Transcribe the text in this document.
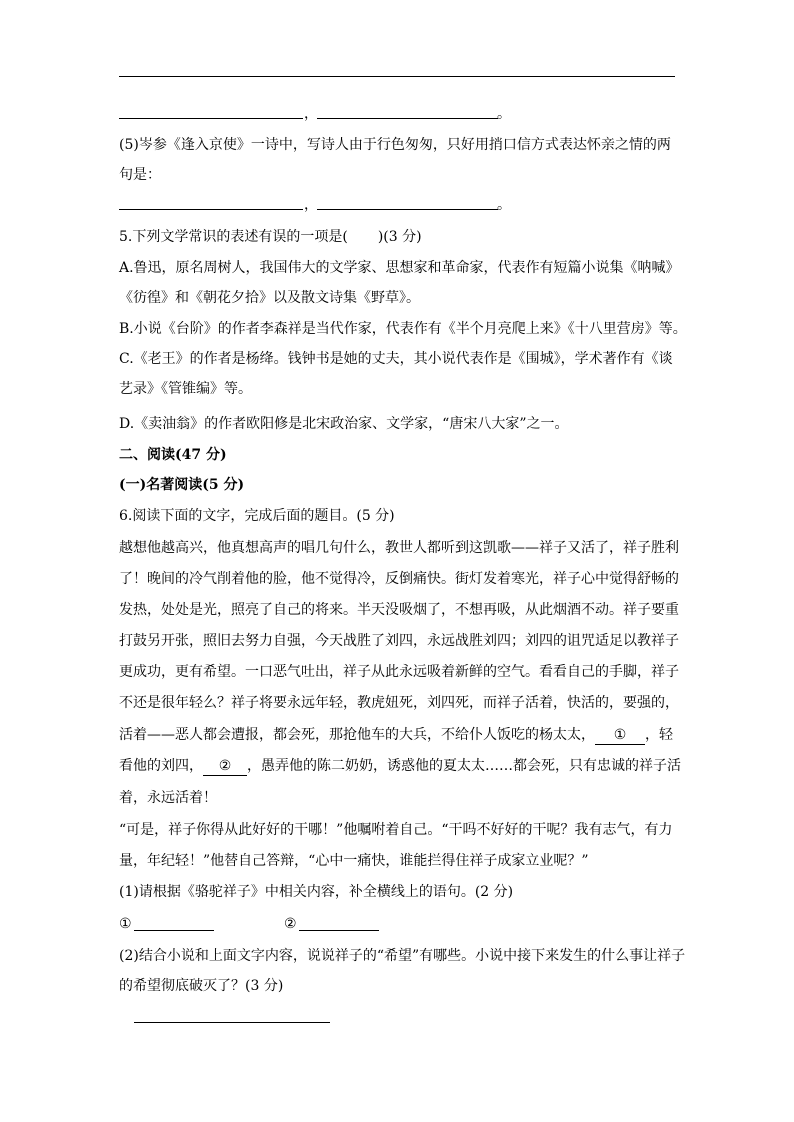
，	。
(5)岑参《逢入京使》一诗中，写诗人由于行色匆匆，只好用捎口信方式表达怀亲之情的两
句是：
，	。
5.下列文学常识的表述有误的一项是( )(3 分)
A.鲁迅，原名周树人，我国伟大的文学家、思想家和革命家，代表作有短篇小说集《呐喊》
《彷徨》和《朝花夕拾》以及散文诗集《野草》。
B.小说《台阶》的作者李森祥是当代作家，代表作有《半个月亮爬上来》《十八里营房》等。
C.《老王》的作者是杨绛。钱钟书是她的丈夫，其小说代表作是《围城》，学术著作有《谈
艺录》《管锥编》等。
D.《卖油翁》的作者欧阳修是北宋政治家、文学家，“唐宋八大家”之一。
二、阅读(47 分)
(一)名著阅读(5 分)
6.阅读下面的文字，完成后面的题目。(5 分)
越想他越高兴，他真想高声的唱几句什么，教世人都听到这凯歌——祥子又活了，祥子胜利
了！晚间的冷气削着他的脸，他不觉得冷，反倒痛快。街灯发着寒光，祥子心中觉得舒畅的
发热，处处是光，照亮了自己的将来。半天没吸烟了，不想再吸，从此烟酒不动。祥子要重
打鼓另开张，照旧去努力自强，今天战胜了刘四，永远战胜刘四；刘四的诅咒适足以教祥子
更成功，更有希望。一口恶气吐出，祥子从此永远吸着新鲜的空气。看看自己的手脚，祥子
不还是很年轻么？祥子将要永远年轻，教虎妞死，刘四死，而祥子活着，快活的，要强的，
活着——恶人都会遭报，都会死，那抢他车的大兵，不给仆人饭吃的杨太太， ① ，轻
看他的刘四， ② ，愚弄他的陈二奶奶，诱惑他的夏太太……都会死，只有忠诚的祥子活
着，永远活着！
“可是，祥子你得从此好好的干哪！”他嘱咐着自己。“干吗不好好的干呢？我有志气，有力
量，年纪轻！”他替自己答辩，“心中一痛快，谁能拦得住祥子成家立业呢？”
(1)请根据《骆驼祥子》中相关内容，补全横线上的语句。(2 分)
①	②
(2)结合小说和上面文字内容，说说祥子的“希望”有哪些。小说中接下来发生的什么事让祥子
的希望彻底破灭了？(3 分)
